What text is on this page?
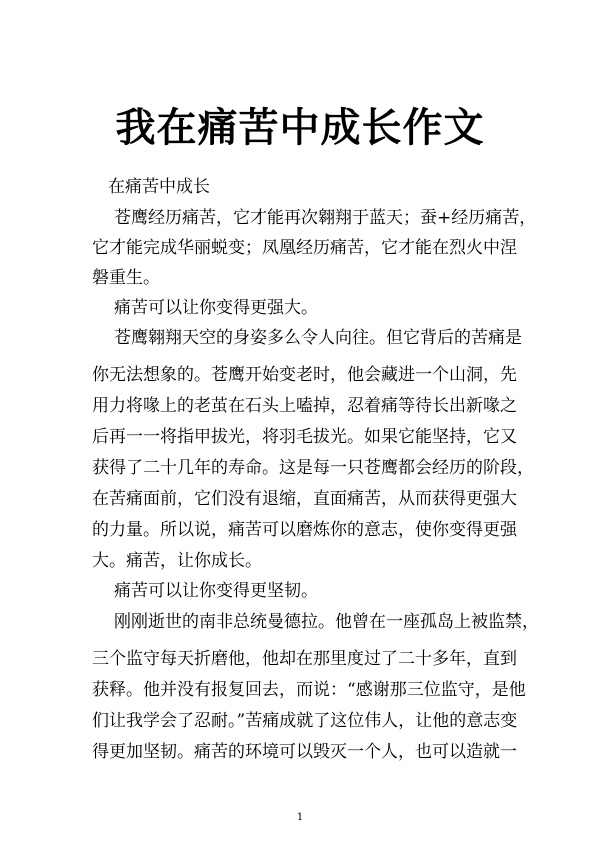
我在痛苦中成长作文
在痛苦中成长
苍鹰经历痛苦，它才能再次翱翔于蓝天；蚕+经历痛苦，
它才能完成华丽蜕变；凤凰经历痛苦，它才能在烈火中涅
磐重生。
痛苦可以让你变得更强大。
苍鹰翱翔天空的身姿多么令人向往。但它背后的苦痛是
你无法想象的。苍鹰开始变老时，他会藏进一个山洞，先
用力将喙上的老茧在石头上嗑掉，忍着痛等待长出新喙之
后再一一将指甲拔光，将羽毛拔光。如果它能坚持，它又
获得了二十几年的寿命。这是每一只苍鹰都会经历的阶段，
在苦痛面前，它们没有退缩，直面痛苦，从而获得更强大
的力量。所以说，痛苦可以磨炼你的意志，使你变得更强
大。痛苦，让你成长。
痛苦可以让你变得更坚韧。
刚刚逝世的南非总统曼德拉。他曾在一座孤岛上被监禁，
三个监守每天折磨他，他却在那里度过了二十多年，直到
获释。他并没有报复回去，而说：“感谢那三位监守，是他
们让我学会了忍耐。”苦痛成就了这位伟人，让他的意志变
得更加坚韧。痛苦的环境可以毁灭一个人，也可以造就一
1
